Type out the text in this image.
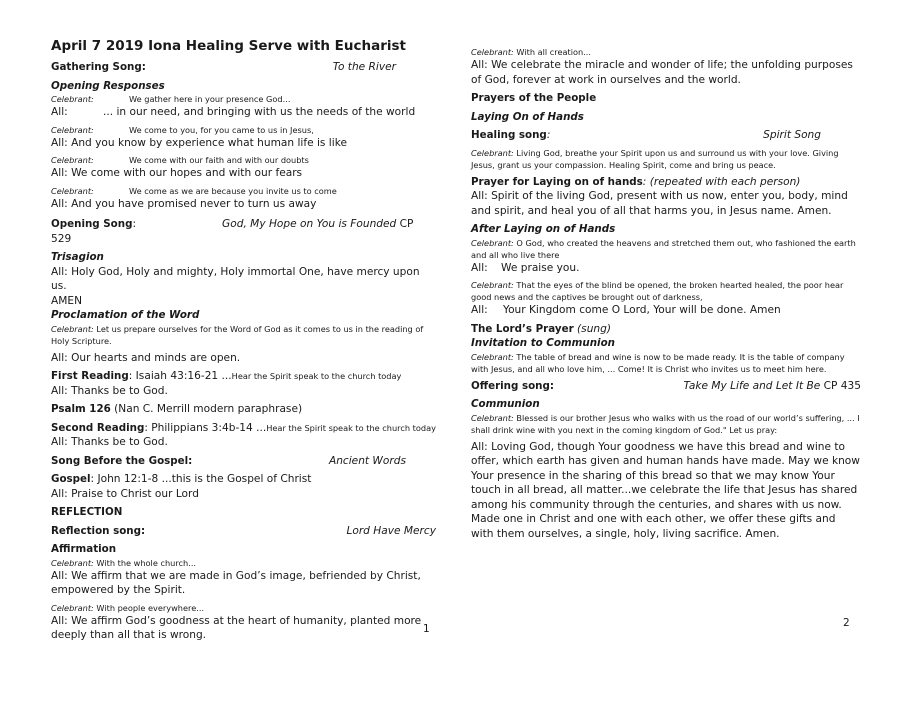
April 7 2019 Iona Healing Serve with Eucharist
Gathering Song:	To the River
Opening Responses
Celebrant:	We gather here in your presence God...
All:	... in our need, and bringing with us the needs of the world
Celebrant:	We come to you, for you came to us in Jesus,
All: And you know by experience what human life is like
Celebrant:	We come with our faith and with our doubts
All: We come with our hopes and with our fears
Celebrant:	We come as we are because you invite us to come
All: And you have promised never to turn us away
Opening Song:	God, My Hope on You is Founded CP 529
Trisagion
All: Holy God, Holy and mighty, Holy immortal One, have mercy upon us.
AMEN
Proclamation of the Word
Celebrant: Let us prepare ourselves for the Word of God as it comes to us in the reading of Holy Scripture.
All: Our hearts and minds are open.
First Reading: Isaiah 43:16-21 ...Hear the Spirit speak to the church today
All: Thanks be to God.
Psalm 126 (Nan C. Merrill modern paraphrase)
Second Reading: Philippians 3:4b-14 ...Hear the Spirit speak to the church today
All: Thanks be to God.
Song Before the Gospel:	Ancient Words
Gospel: John 12:1-8 ...this is the Gospel of Christ
All: Praise to Christ our Lord
REFLECTION
Reflection song:	Lord Have Mercy
Affirmation
Celebrant: With the whole church...
All: We affirm that we are made in God’s image, befriended by Christ, empowered by the Spirit.
Celebrant: With people everywhere...
All: We affirm God’s goodness at the heart of humanity, planted more deeply than all that is wrong.	1
Celebrant: With all creation...
All: We celebrate the miracle and wonder of life; the unfolding purposes of God, forever at work in ourselves and the world.
Prayers of the People
Laying On of Hands
Healing song:	Spirit Song
Celebrant: Living God, breathe your Spirit upon us and surround us with your love. Giving Jesus, grant us your compassion. Healing Spirit, come and bring us peace.
Prayer for Laying on of hands: (repeated with each person)
All: Spirit of the living God, present with us now, enter you, body, mind and spirit, and heal you of all that harms you, in Jesus name. Amen.
After Laying on of Hands
Celebrant: O God, who created the heavens and stretched them out, who fashioned the earth and all who live there
All: We praise you.
Celebrant: That the eyes of the blind be opened, the broken hearted healed, the poor hear good news and the captives be brought out of darkness,
All: Your Kingdom come O Lord, Your will be done. Amen
The Lord’s Prayer (sung)
Invitation to Communion
Celebrant: The table of bread and wine is now to be made ready. It is the table of company with Jesus, and all who love him, ... Come! It is Christ who invites us to meet him here.
Offering song:	Take My Life and Let It Be CP 435
Communion
Celebrant: Blessed is our brother Jesus who walks with us the road of our world’s suffering, ... I shall drink wine with you next in the coming kingdom of God." Let us pray:
All: Loving God, though Your goodness we have this bread and wine to offer, which earth has given and human hands have made. May we know Your presence in the sharing of this bread so that we may know Your touch in all bread, all matter...we celebrate the life that Jesus has shared among his community through the centuries, and shares with us now. Made one in Christ and one with each other, we offer these gifts and with them ourselves, a single, holy, living sacrifice. Amen.
2
